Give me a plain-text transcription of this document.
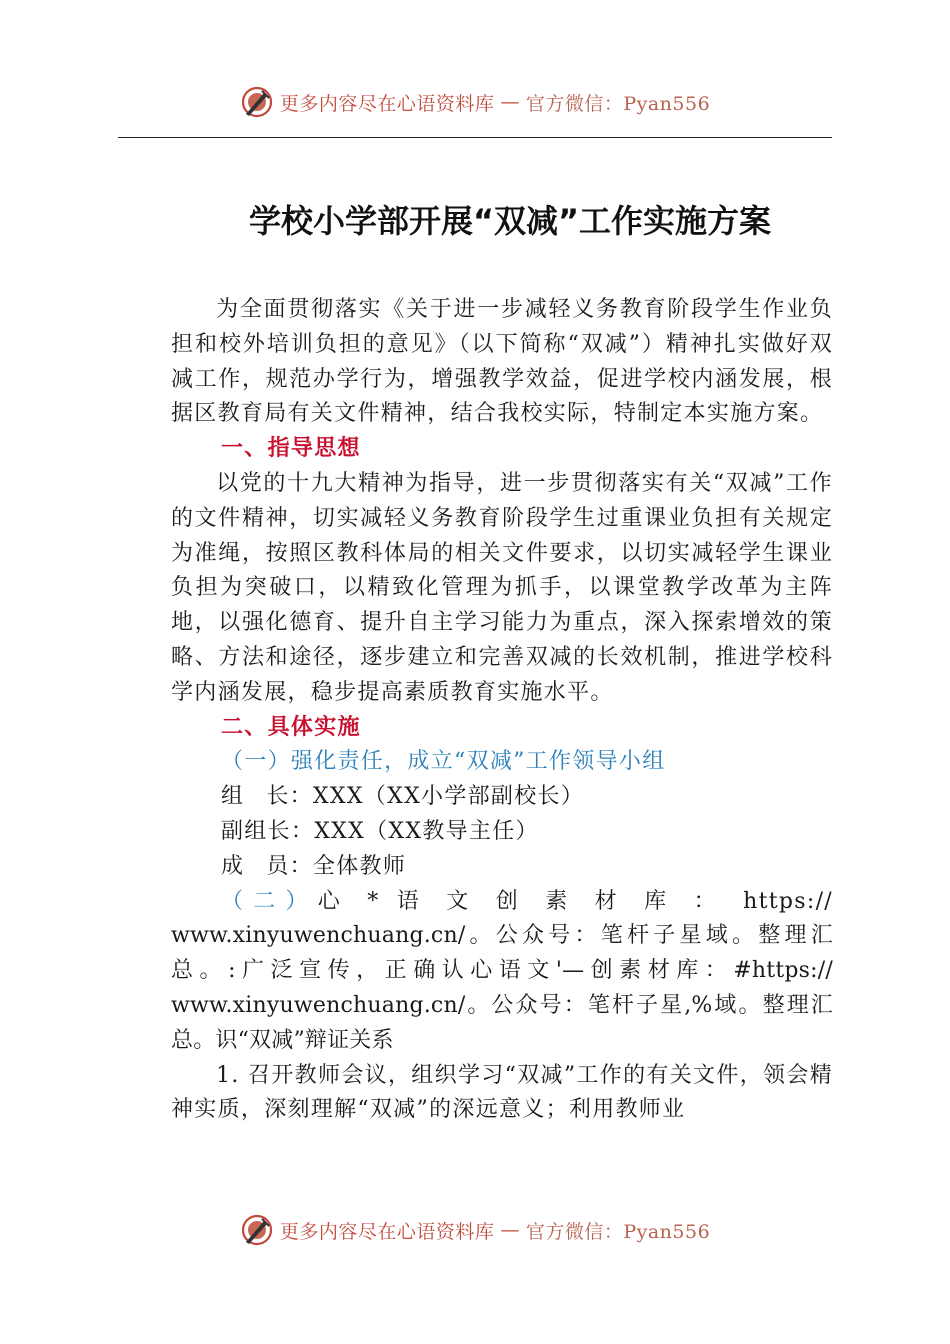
更多内容尽在心语资料库 — 官方微信：Pyan556
学校小学部开展“双减”工作实施方案

为全面贯彻落实《关于进一步减轻义务教育阶段学生作业负担和校外培训负担的意见》（以下简称“双减”）精神扎实做好双减工作，规范办学行为，增强教学效益，促进学校内涵发展，根据区教育局有关文件精神，结合我校实际，特制定本实施方案。

一、指导思想

以党的十九大精神为指导，进一步贯彻落实有关“双减”工作的文件精神，切实减轻义务教育阶段学生过重课业负担有关规定为准绳，按照区教科体局的相关文件要求，以切实减轻学生课业负担为突破口，以精致化管理为抓手，以课堂教学改革为主阵地，以强化德育、提升自主学习能力为重点，深入探索增效的策略、方法和途径，逐步建立和完善双减的长效机制，推进学校科学内涵发展，稳步提高素质教育实施水平。

二、具体实施

（一）强化责任，成立“双减”工作领导小组

组 长：XXX（XX小学部副校长）

副组长：XXX（XX教导主任）

成 员：全体教师

（二）心 * 语 文 创 素 材 库 ： https://

www.xinyuwenchuang.cn/。公众号：笔杆子星域。整理汇

总。:广泛宣传，正确认心语文'—创素材库：#https://

www.xinyuwenchuang.cn/。公众号：笔杆子星,%域。整理汇

总。识“双减”辩证关系

1. 召开教师会议，组织学习“双减”工作的有关文件，领会精神实质，深刻理解“双减”的深远意义；利用教师业

更多内容尽在心语资料库 — 官方微信：Pyan556
